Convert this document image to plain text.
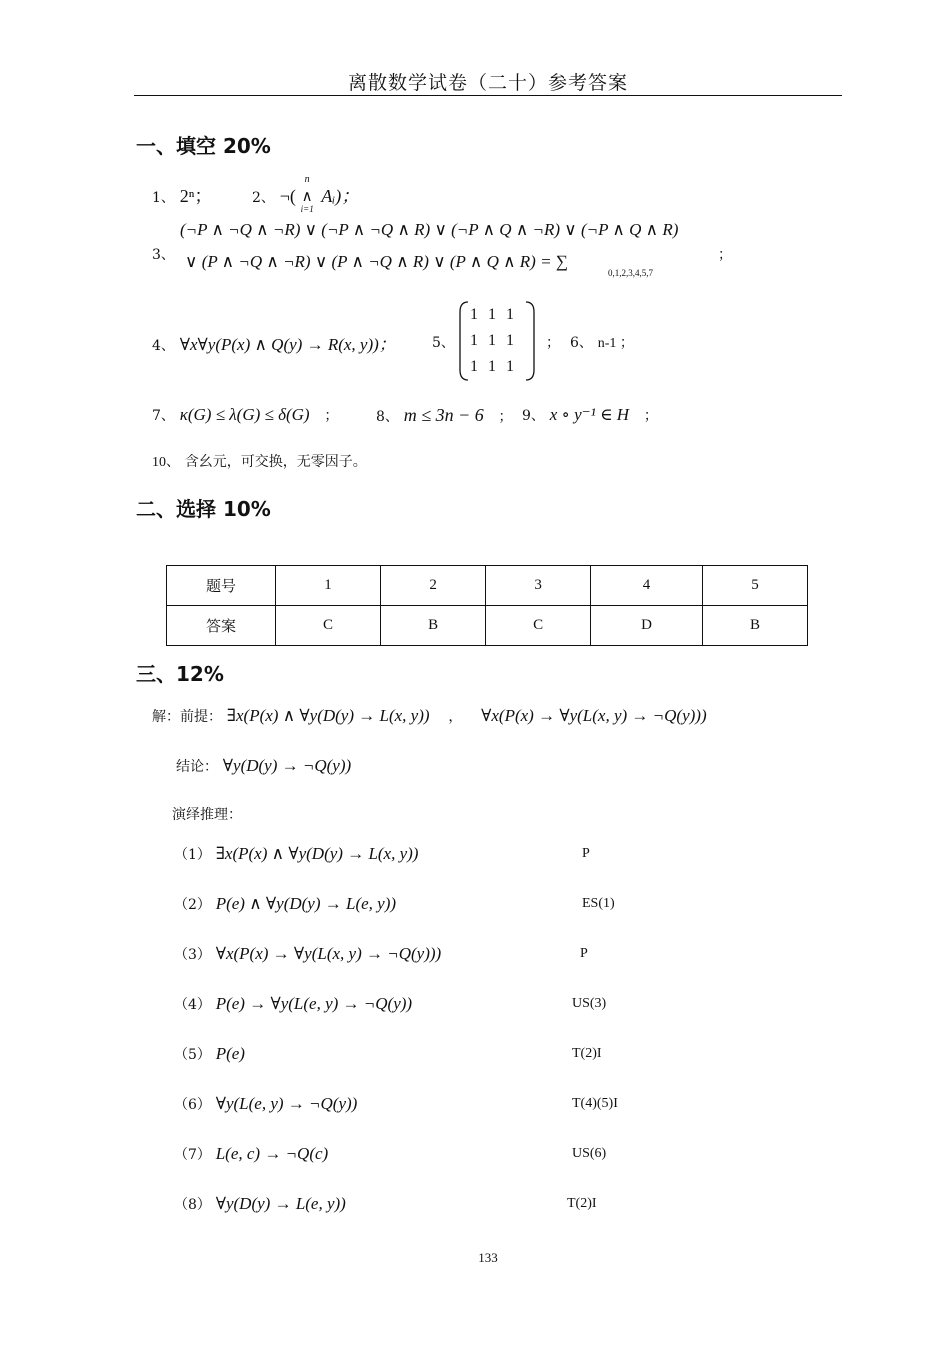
离散数学试卷（二十）参考答案
一、填空 20%
1、 2ⁿ；	2、 ¬(
n
∧
i=1
Aᵢ)；
3、
(¬P ∧ ¬Q ∧ ¬R) ∨ (¬P ∧ ¬Q ∧ R) ∨ (¬P ∧ Q ∧ ¬R) ∨ (¬P ∧ Q ∧ R)
∨ (P ∧ ¬Q ∧ ¬R) ∨ (P ∧ ¬Q ∧ R) ∨ (P ∧ Q ∧ R) = ∑
0,1,2,3,4,5,7
；
4、 ∀x∀y(P(x) ∧ Q(y) → R(x, y))；	5、
1 1 1
1 1 1
1 1 1
； 6、 n-1 ；
7、 κ(G) ≤ λ(G) ≤ δ(G) ；	8、 m ≤ 3n − 6 ； 9、 x ∘ y⁻¹ ∈ H ；
10、 含幺元，可交换，无零因子。
二、选择 10%
题号	1	2	3	4	5
答案	C	B	C	D	B
三、12%
解：前提： ∃x(P(x) ∧ ∀y(D(y) → L(x, y)) ， ∀x(P(x) → ∀y(L(x, y) → ¬Q(y)))
结论： ∀y(D(y) → ¬Q(y))
演绎推理：
（1） ∃x(P(x) ∧ ∀y(D(y) → L(x, y))	P
（2） P(e) ∧ ∀y(D(y) → L(e, y))	ES(1)
（3） ∀x(P(x) → ∀y(L(x, y) → ¬Q(y)))	P
（4） P(e) → ∀y(L(e, y) → ¬Q(y))	US(3)
（5） P(e)	T(2)I
（6） ∀y(L(e, y) → ¬Q(y))	T(4)(5)I
（7） L(e, c) → ¬Q(c)	US(6)
（8） ∀y(D(y) → L(e, y))	T(2)I
133
